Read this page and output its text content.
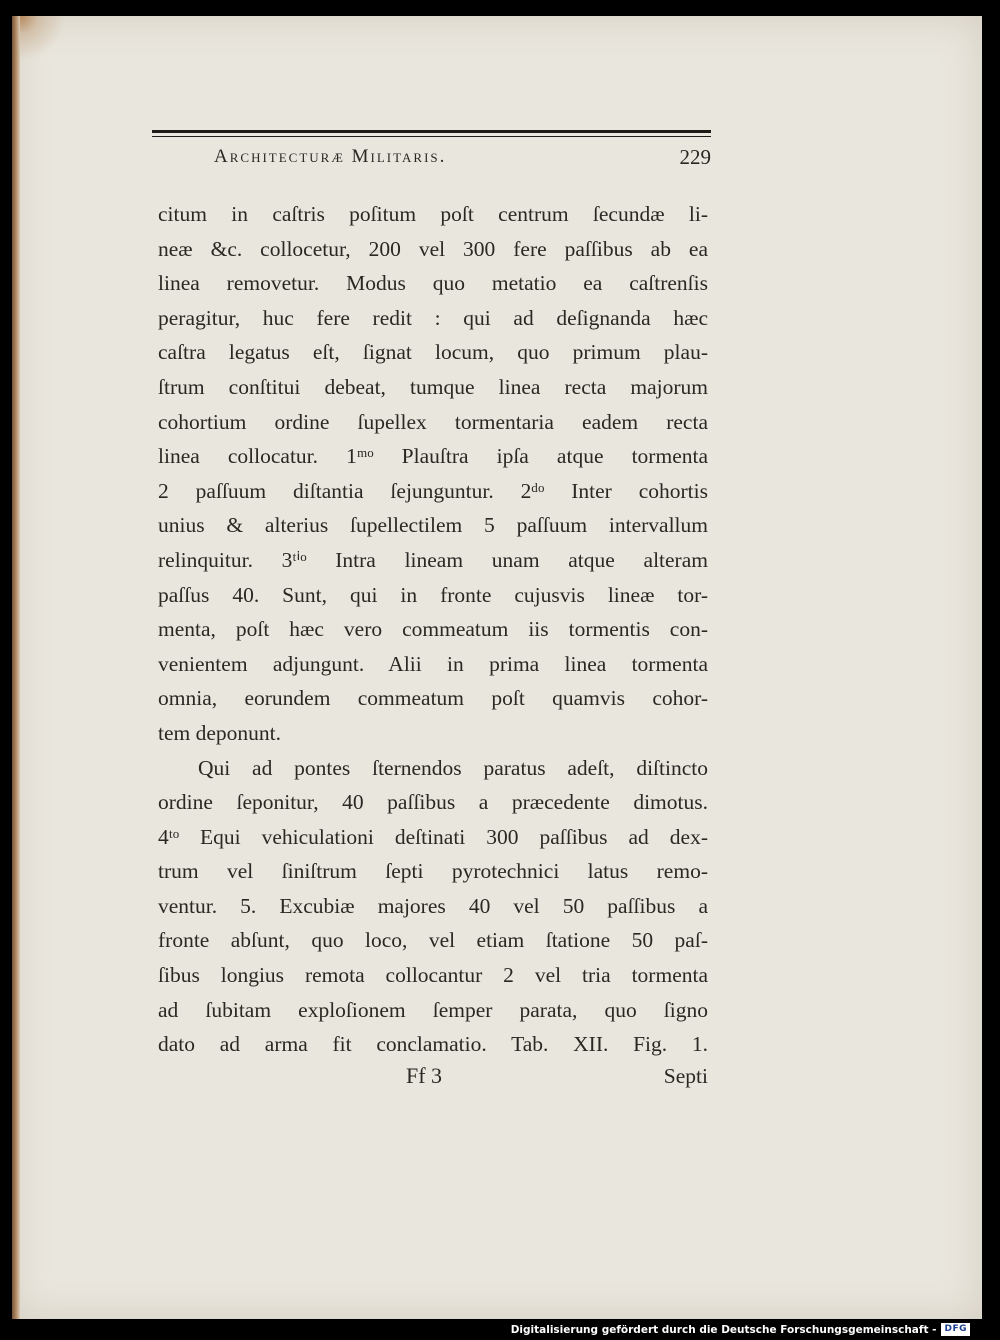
Architecturæ Militaris.	229
citum in caſtris poſitum poſt centrum ſecundæ li-
neæ &c. collocetur, 200 vel 300 fere paſſibus ab ea
linea removetur. Modus quo metatio ea caſtrenſis
peragitur, huc fere redit : qui ad deſignanda hæc
caſtra legatus eſt, ſignat locum, quo primum plau-
ſtrum conſtitui debeat, tumque linea recta majorum
cohortium ordine ſupellex tormentaria eadem recta
linea collocatur. 1ᵐᵒ Plauſtra ipſa atque tormenta
2 paſſuum diſtantia ſejunguntur. 2ᵈᵒ Inter cohortis
unius & alterius ſupellectilem 5 paſſuum intervallum
relinquitur. 3ᵗⁱᵒ Intra lineam unam atque alteram
paſſus 40. Sunt, qui in fronte cujusvis lineæ tor-
menta, poſt hæc vero commeatum iis tormentis con-
venientem adjungunt. Alii in prima linea tormenta
omnia, eorundem commeatum poſt quamvis cohor-
tem deponunt.
Qui ad pontes ſternendos paratus adeſt, diſtincto
ordine ſeponitur, 40 paſſibus a præcedente dimotus.
4ᵗᵒ Equi vehiculationi deſtinati 300 paſſibus ad dex-
trum vel ſiniſtrum ſepti pyrotechnici latus remo-
ventur. 5. Excubiæ majores 40 vel 50 paſſibus a
fronte abſunt, quo loco, vel etiam ſtatione 50 paſ-
ſibus longius remota collocantur 2 vel tria tormenta
ad ſubitam exploſionem ſemper parata, quo ſigno
dato ad arma fit conclamatio. Tab. XII. Fig. 1.
Ff 3	Septi
Digitalisierung gefördert durch die Deutsche Forschungsgemeinschaft - DFG
